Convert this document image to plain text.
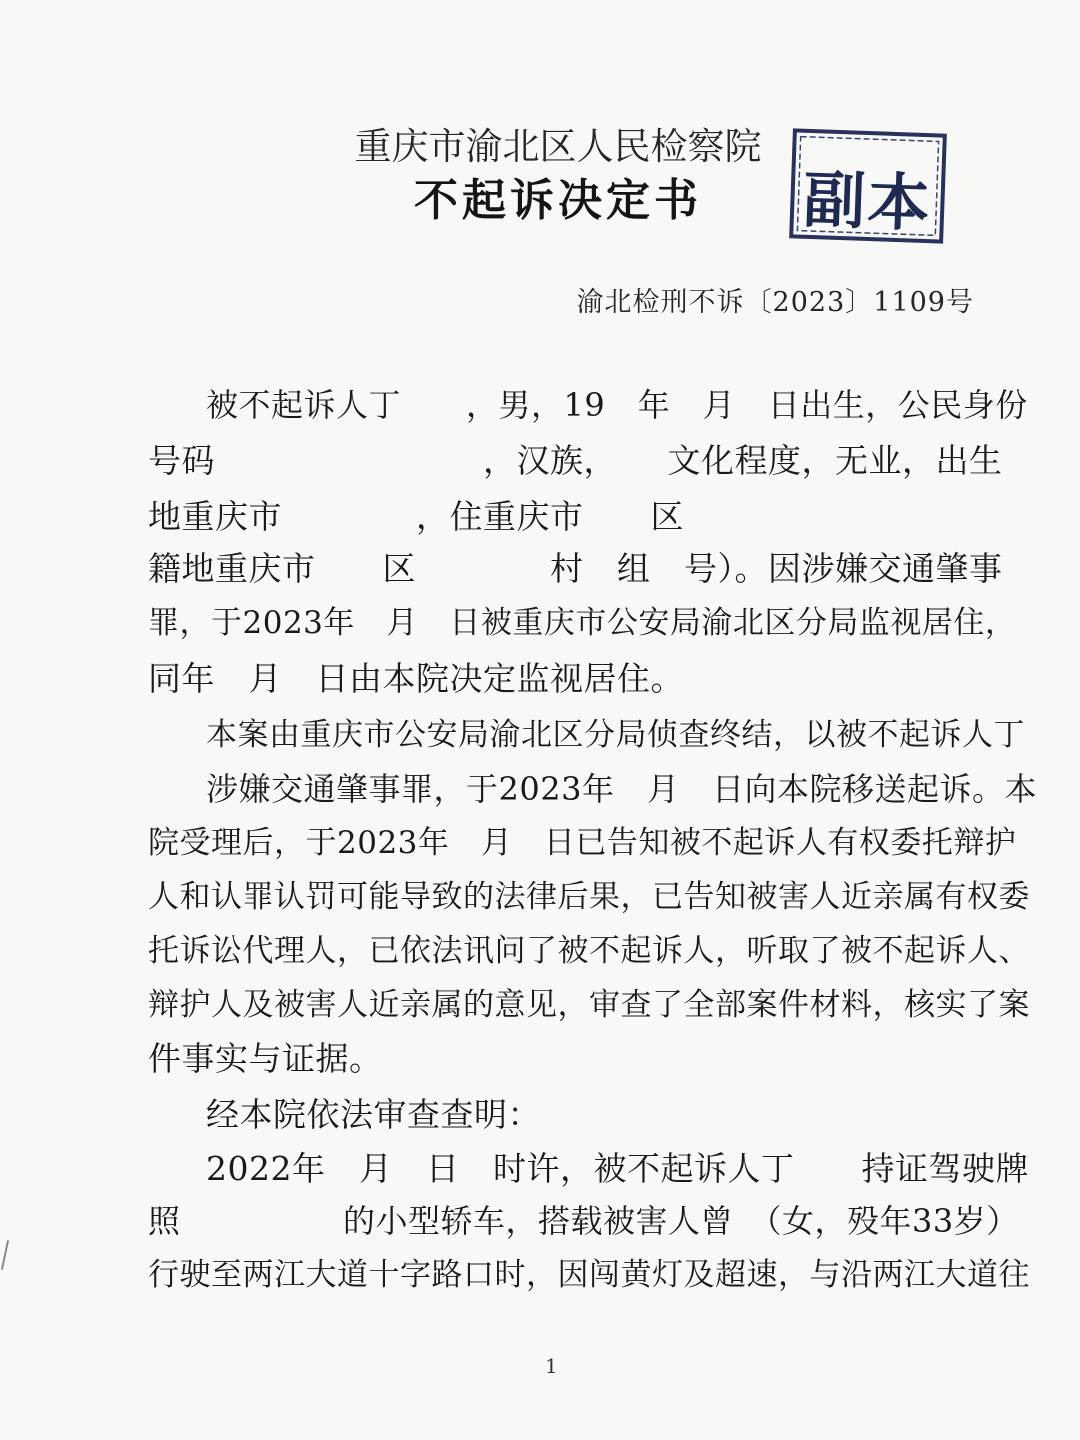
重庆市渝北区人民检察院
不起诉决定书	副本
渝北检刑不诉〔2023〕1109号
被不起诉人丁　　，男，19　年　月　日出生，公民身份
号码　　　　　　　　，汉族，　　文化程度，无业，出生
地重庆市　　　　，住重庆市　　区
籍地重庆市　　区　　　　村　组　号）。因涉嫌交通肇事
罪，于2023年　月　日被重庆市公安局渝北区分局监视居住，
同年　月　日由本院决定监视居住。
本案由重庆市公安局渝北区分局侦查终结，以被不起诉人丁
涉嫌交通肇事罪，于2023年　月　日向本院移送起诉。本
院受理后，于2023年　月　日已告知被不起诉人有权委托辩护
人和认罪认罚可能导致的法律后果，已告知被害人近亲属有权委
托诉讼代理人，已依法讯问了被不起诉人，听取了被不起诉人、
辩护人及被害人近亲属的意见，审查了全部案件材料，核实了案
件事实与证据。
经本院依法审查查明：
2022年　月　日　时许，被不起诉人丁　　持证驾驶牌
照　　　　　的小型轿车，搭载被害人曾　（女，殁年33岁）
行驶至两江大道十字路口时，因闯黄灯及超速，与沿两江大道往
1
